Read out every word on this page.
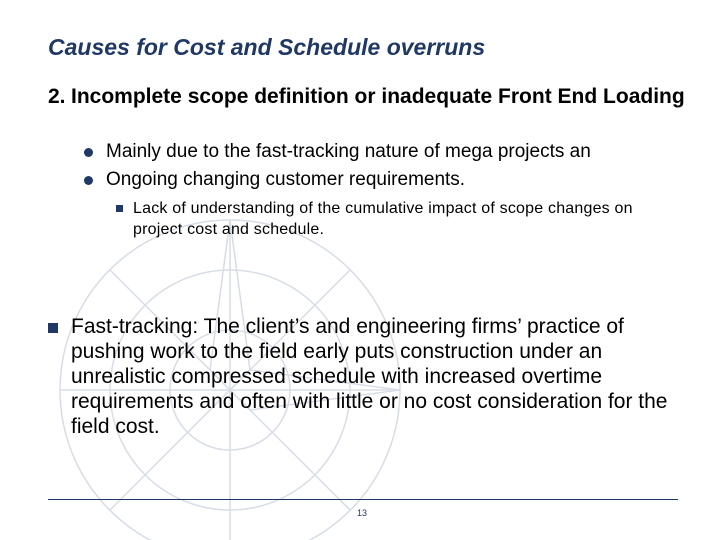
Causes for Cost and Schedule overruns
2. Incomplete scope definition or inadequate Front End Loading
Mainly due to the fast-tracking nature of mega projects an
Ongoing changing customer requirements.
Lack of understanding of the cumulative impact of scope changes on project cost and schedule.
Fast-tracking: The client’s and engineering firms’ practice of pushing work to the field early puts construction under an unrealistic compressed schedule with increased overtime requirements and often with little or no cost consideration for the field cost.
13
